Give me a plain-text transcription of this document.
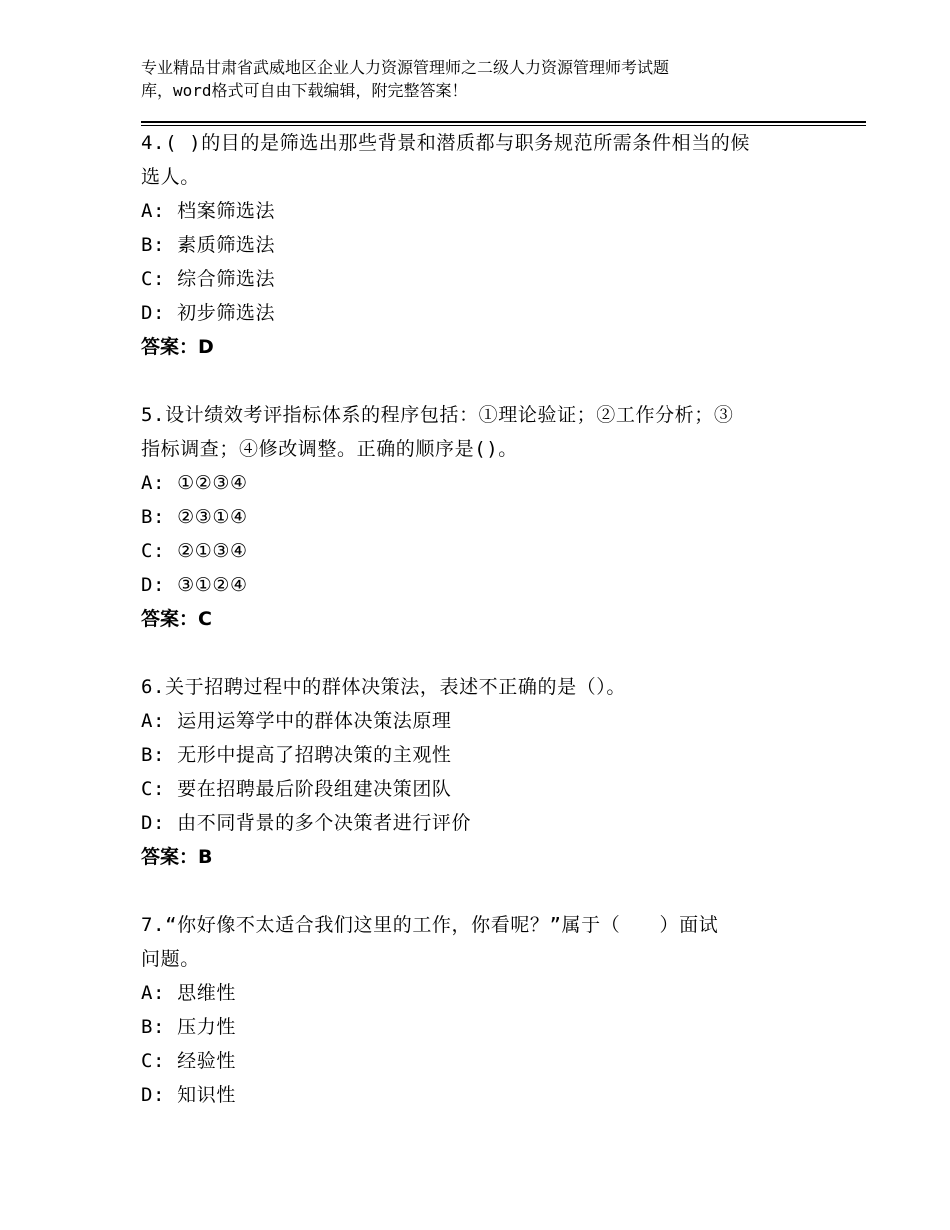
专业精品甘肃省武威地区企业人力资源管理师之二级人力资源管理师考试题
库，word格式可自由下载编辑，附完整答案！
4.( )的目的是筛选出那些背景和潜质都与职务规范所需条件相当的候
选人。
A: 档案筛选法
B: 素质筛选法
C: 综合筛选法
D: 初步筛选法
答案：D
5.设计绩效考评指标体系的程序包括：①理论验证；②工作分析；③
指标调查；④修改调整。正确的顺序是()。
A: ①②③④
B: ②③①④
C: ②①③④
D: ③①②④
答案：C
6.关于招聘过程中的群体决策法，表述不正确的是（）。
A: 运用运筹学中的群体决策法原理
B: 无形中提高了招聘决策的主观性
C: 要在招聘最后阶段组建决策团队
D: 由不同背景的多个决策者进行评价
答案：B
7.“你好像不太适合我们这里的工作，你看呢？”属于（　　）面试
问题。
A: 思维性
B: 压力性
C: 经验性
D: 知识性
